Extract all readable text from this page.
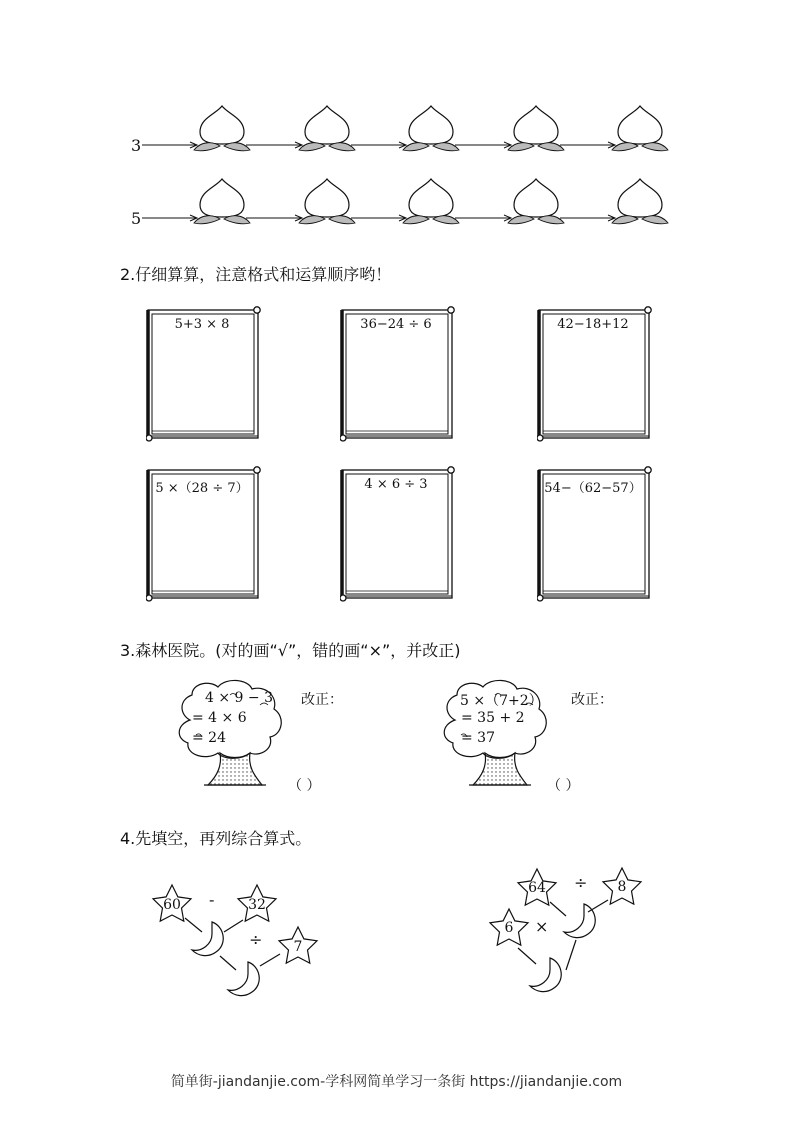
3
5
2.仔细算算，注意格式和运算顺序哟！
5+3 × 8	36−24 ÷ 6	42−18+12
5 ×（28 ÷ 7）	4 × 6 ÷ 3	54−（62−57）
3.森林医院。(对的画“√”，错的画“×”，并改正)
4 × 9 − 3
= 4 × 6
= 24
改正：
（ ）
5 ×（7+2）
= 35 + 2
= 37
改正：
（ ）
4.先填空，再列综合算式。
60	32
7
-
÷
64	8
6
÷
×
简单街-jiandanjie.com-学科网简单学习一条街 https://jiandanjie.com
